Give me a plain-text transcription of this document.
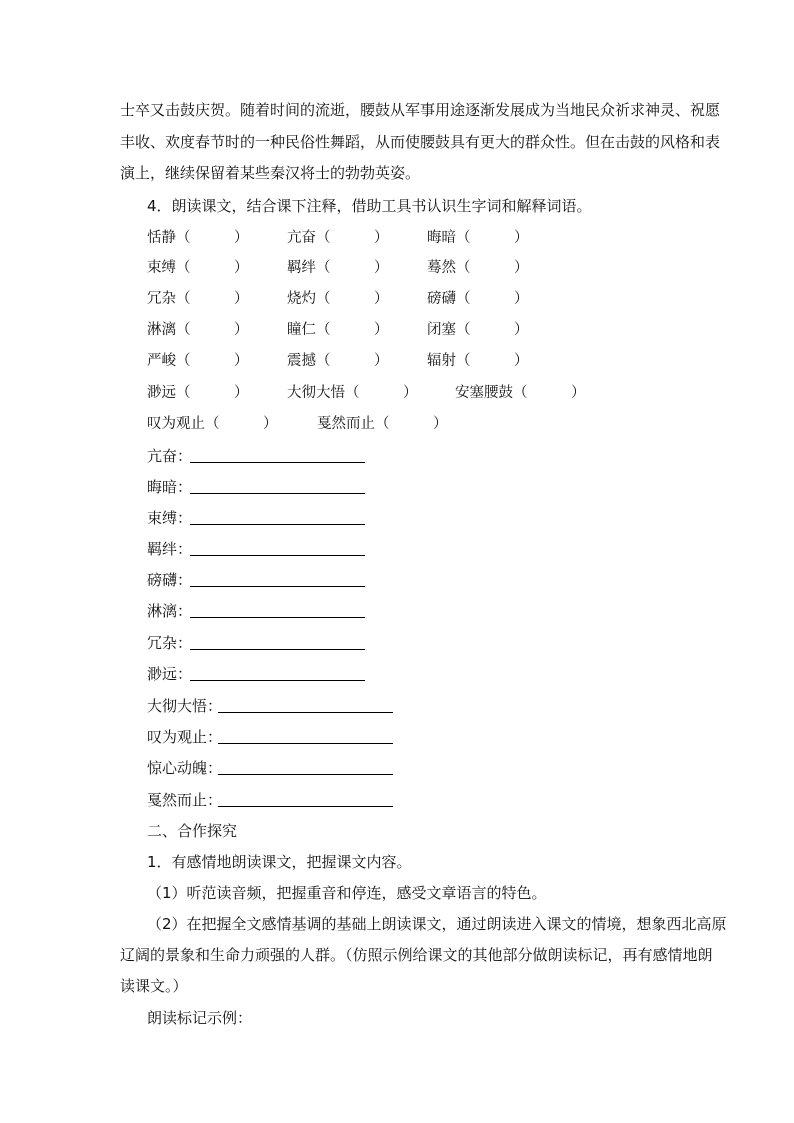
士卒又击鼓庆贺。随着时间的流逝，腰鼓从军事用途逐渐发展成为当地民众祈求神灵、祝愿
丰收、欢度春节时的一种民俗性舞蹈，从而使腰鼓具有更大的群众性。但在击鼓的风格和表
演上，继续保留着某些秦汉将士的勃勃英姿。
4．朗读课文，结合课下注释，借助工具书认识生字词和解释词语。
恬静（　　　）	亢奋（　　　）	晦暗（　　　）
束缚（　　　）	羁绊（　　　）	蓦然（　　　）
冗杂（　　　）	烧灼（　　　）	磅礴（　　　）
淋漓（　　　）	瞳仁（　　　）	闭塞（　　　）
严峻（　　　）	震撼（　　　）	辐射（　　　）
渺远（　　　）	大彻大悟（　　　）	安塞腰鼓（　　　）
叹为观止（　　　）	戛然而止（　　　）
亢奋：
晦暗：
束缚：
羁绊：
磅礴：
淋漓：
冗杂：
渺远：
大彻大悟：
叹为观止：
惊心动魄：
戛然而止：
二、合作探究
1．有感情地朗读课文，把握课文内容。
（1）听范读音频，把握重音和停连，感受文章语言的特色。
（2）在把握全文感情基调的基础上朗读课文，通过朗读进入课文的情境，想象西北高原
辽阔的景象和生命力顽强的人群。（仿照示例给课文的其他部分做朗读标记，再有感情地朗
读课文。）
朗读标记示例：
